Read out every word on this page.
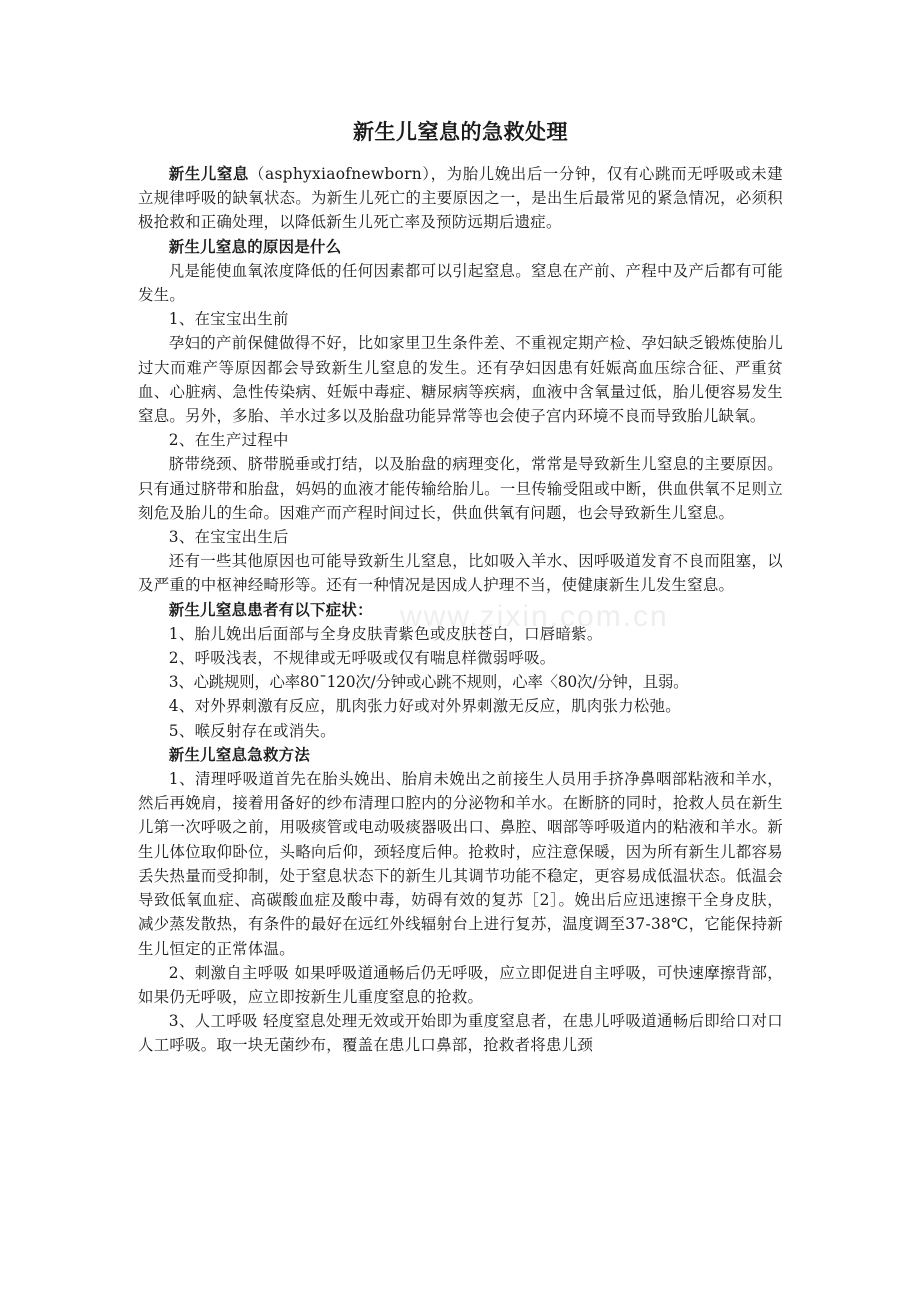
www.zixin.com.cn
新生儿窒息的急救处理

新生儿窒息（asphyxiaofnewborn），为胎儿娩出后一分钟，仅有心跳而无呼吸或未建立规律呼吸的缺氧状态。为新生儿死亡的主要原因之一，是出生后最常见的紧急情况，必须积极抢救和正确处理，以降低新生儿死亡率及预防远期后遗症。

新生儿窒息的原因是什么

凡是能使血氧浓度降低的任何因素都可以引起窒息。窒息在产前、产程中及产后都有可能发生。

1、在宝宝出生前

孕妇的产前保健做得不好，比如家里卫生条件差、不重视定期产检、孕妇缺乏锻炼使胎儿过大而难产等原因都会导致新生儿窒息的发生。还有孕妇因患有妊娠高血压综合征、严重贫血、心脏病、急性传染病、妊娠中毒症、糖尿病等疾病，血液中含氧量过低，胎儿便容易发生窒息。另外，多胎、羊水过多以及胎盘功能异常等也会使子宫内环境不良而导致胎儿缺氧。

2、在生产过程中

脐带绕颈、脐带脱垂或打结，以及胎盘的病理变化，常常是导致新生儿窒息的主要原因。只有通过脐带和胎盘，妈妈的血液才能传输给胎儿。一旦传输受阻或中断，供血供氧不足则立刻危及胎儿的生命。因难产而产程时间过长，供血供氧有问题，也会导致新生儿窒息。

3、在宝宝出生后

还有一些其他原因也可能导致新生儿窒息，比如吸入羊水、因呼吸道发育不良而阻塞，以及严重的中枢神经畸形等。还有一种情况是因成人护理不当，使健康新生儿发生窒息。

新生儿窒息患者有以下症状：

1、胎儿娩出后面部与全身皮肤青紫色或皮肤苍白，口唇暗紫。

2、呼吸浅表，不规律或无呼吸或仅有喘息样微弱呼吸。

3、心跳规则，心率80¯120次/分钟或心跳不规则，心率〈80次/分钟，且弱。

4、对外界刺激有反应，肌肉张力好或对外界刺激无反应，肌肉张力松弛。

5、喉反射存在或消失。

新生儿窒息急救方法

1、清理呼吸道首先在胎头娩出、胎肩未娩出之前接生人员用手挤净鼻咽部粘液和羊水，然后再娩肩，接着用备好的纱布清理口腔内的分泌物和羊水。在断脐的同时，抢救人员在新生儿第一次呼吸之前，用吸痰管或电动吸痰器吸出口、鼻腔、咽部等呼吸道内的粘液和羊水。新生儿体位取仰卧位，头略向后仰，颈轻度后伸。抢救时，应注意保暖，因为所有新生儿都容易丢失热量而受抑制，处于窒息状态下的新生儿其调节功能不稳定，更容易成低温状态。低温会导致低氧血症、高碳酸血症及酸中毒，妨碍有效的复苏［2］。娩出后应迅速擦干全身皮肤，减少蒸发散热，有条件的最好在远红外线辐射台上进行复苏，温度调至37-38℃，它能保持新生儿恒定的正常体温。

2、刺激自主呼吸 如果呼吸道通畅后仍无呼吸，应立即促进自主呼吸，可快速摩擦背部，如果仍无呼吸，应立即按新生儿重度窒息的抢救。

3、人工呼吸 轻度窒息处理无效或开始即为重度窒息者，在患儿呼吸道通畅后即给口对口人工呼吸。取一块无菌纱布，覆盖在患儿口鼻部，抢救者将患儿颈
